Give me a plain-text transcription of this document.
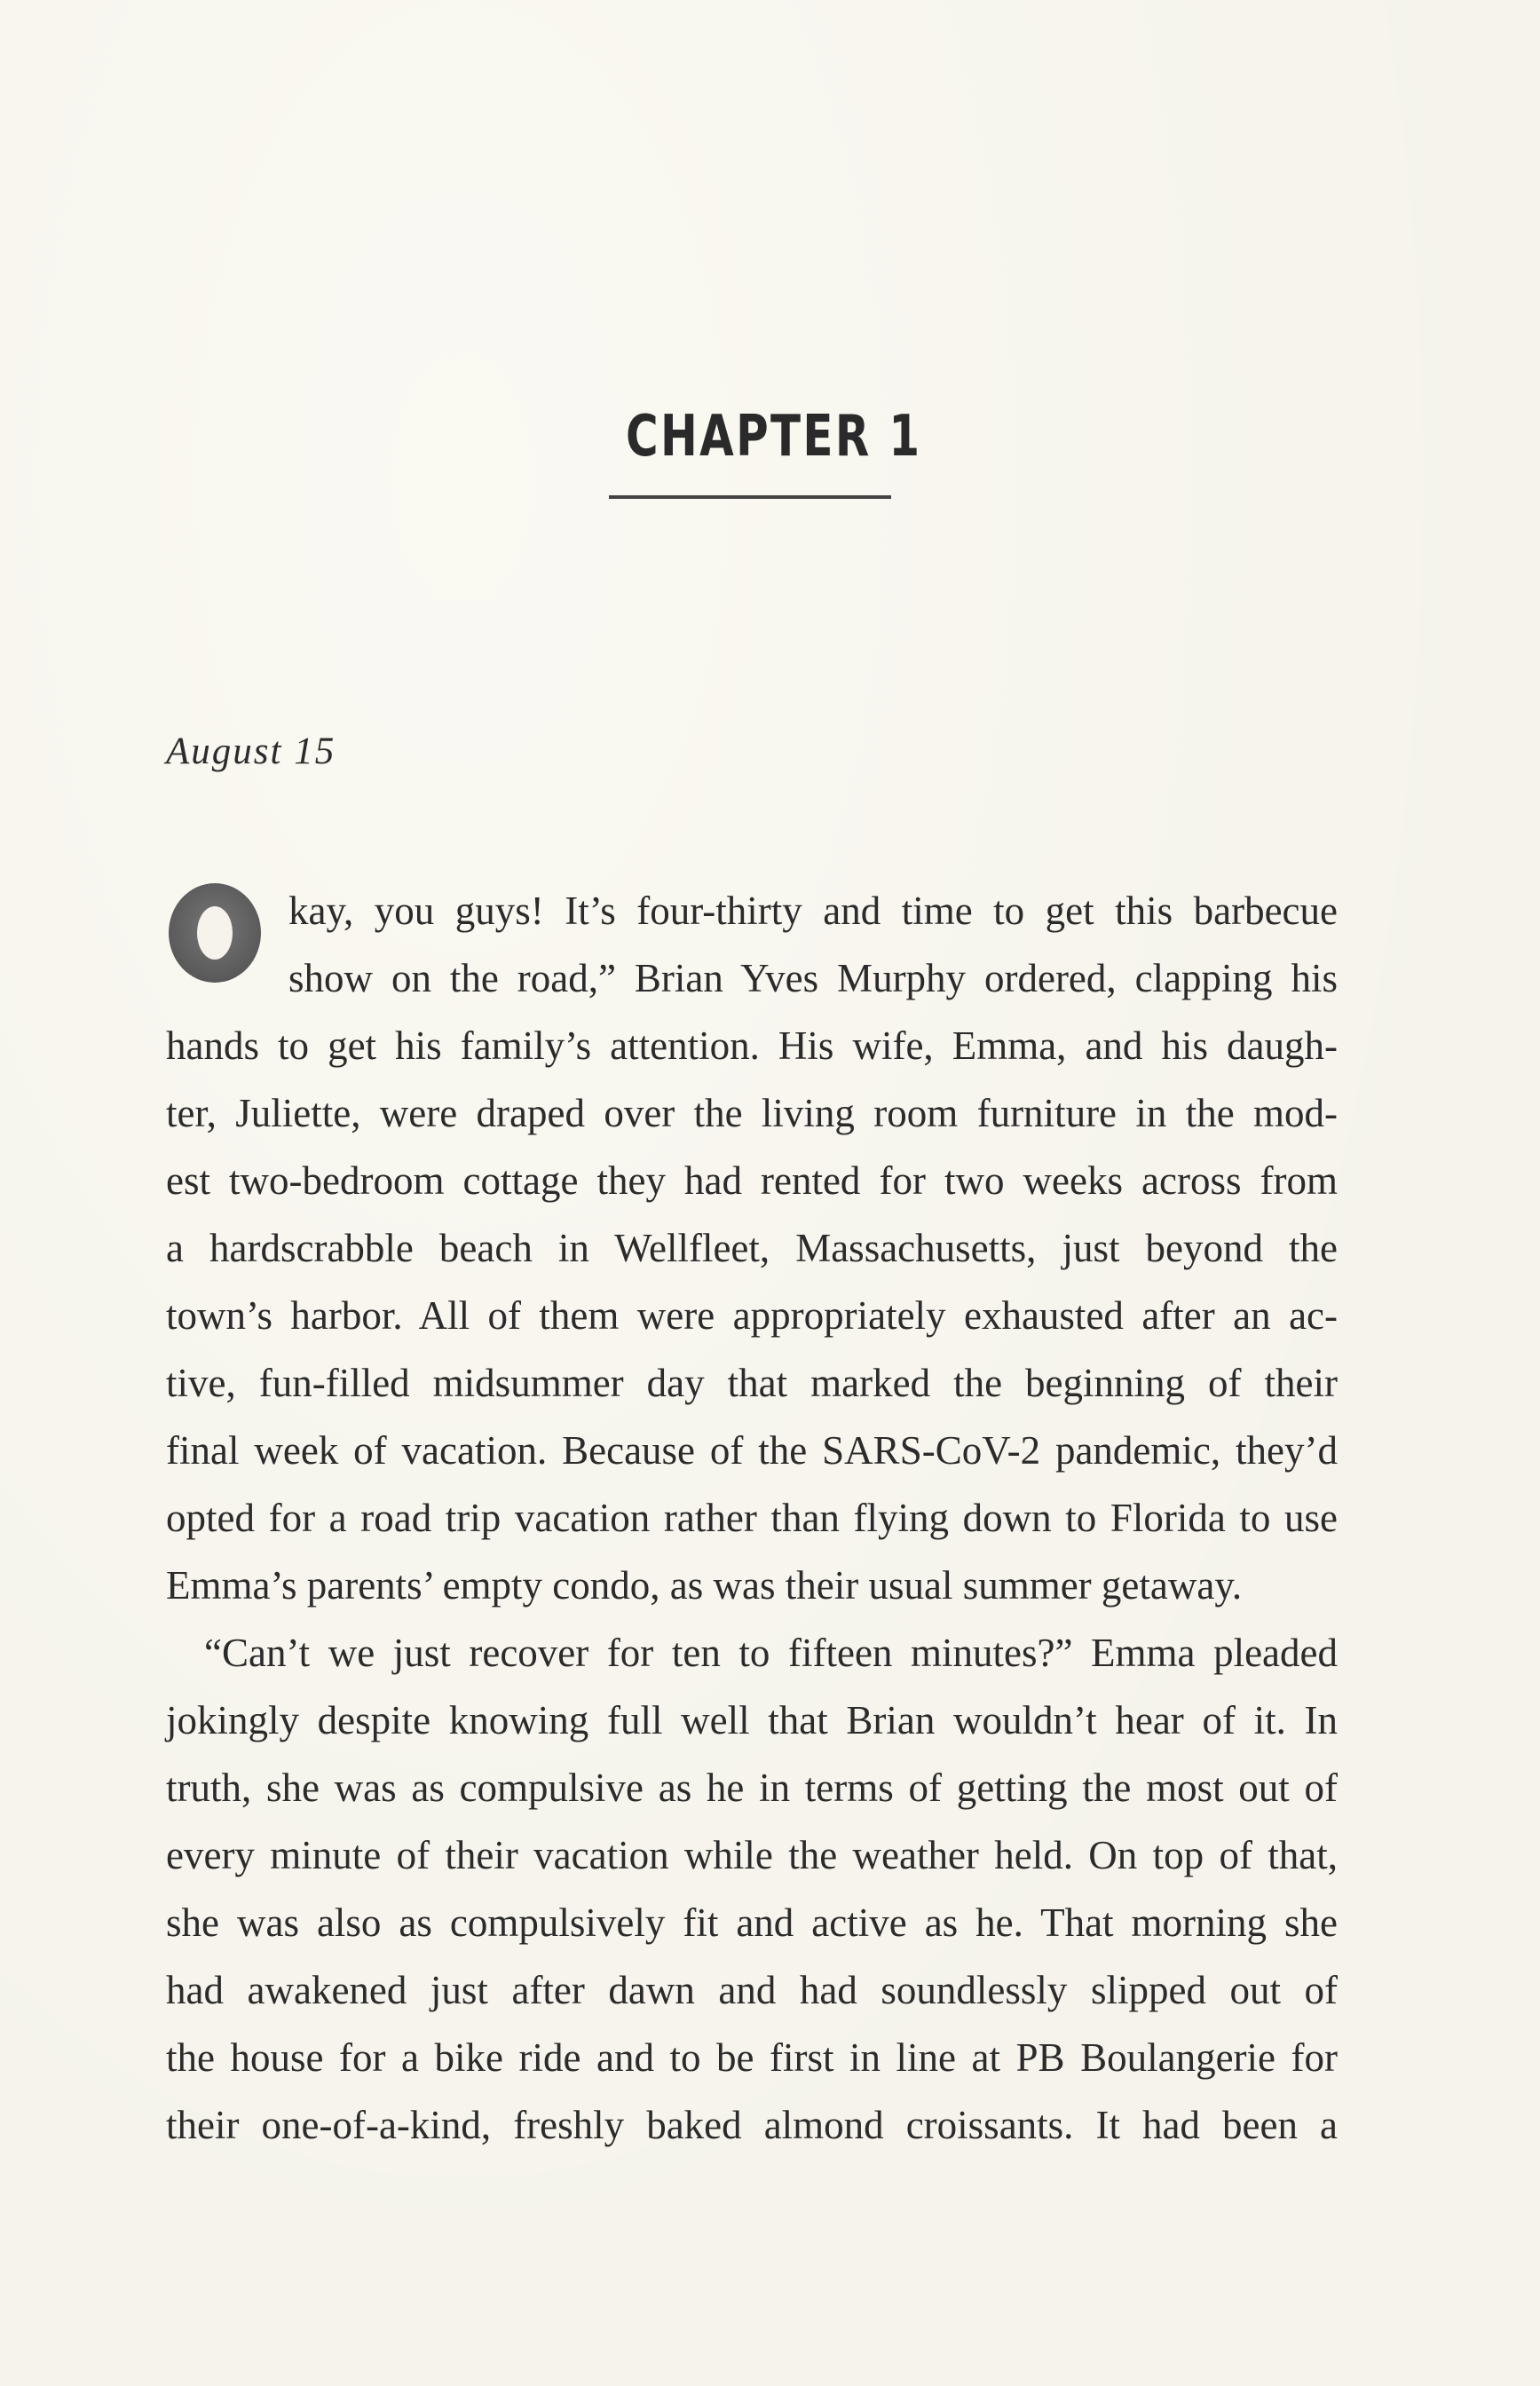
CHAPTER 1
August 15
kay, you guys! It’s four-thirty and time to get this barbecue
show on the road,” Brian Yves Murphy ordered, clapping his
hands to get his family’s attention. His wife, Emma, and his daugh-
ter, Juliette, were draped over the living room furniture in the mod-
est two-bedroom cottage they had rented for two weeks across from
a hardscrabble beach in Wellfleet, Massachusetts, just beyond the
town’s harbor. All of them were appropriately exhausted after an ac-
tive, fun-filled midsummer day that marked the beginning of their
final week of vacation. Because of the SARS-CoV-2 pandemic, they’d
opted for a road trip vacation rather than flying down to Florida to use
Emma’s parents’ empty condo, as was their usual summer getaway.
“Can’t we just recover for ten to fifteen minutes?” Emma pleaded
jokingly despite knowing full well that Brian wouldn’t hear of it. In
truth, she was as compulsive as he in terms of getting the most out of
every minute of their vacation while the weather held. On top of that,
she was also as compulsively fit and active as he. That morning she
had awakened just after dawn and had soundlessly slipped out of
the house for a bike ride and to be first in line at PB Boulangerie for
their one-of-a-kind, freshly baked almond croissants. It had been a
